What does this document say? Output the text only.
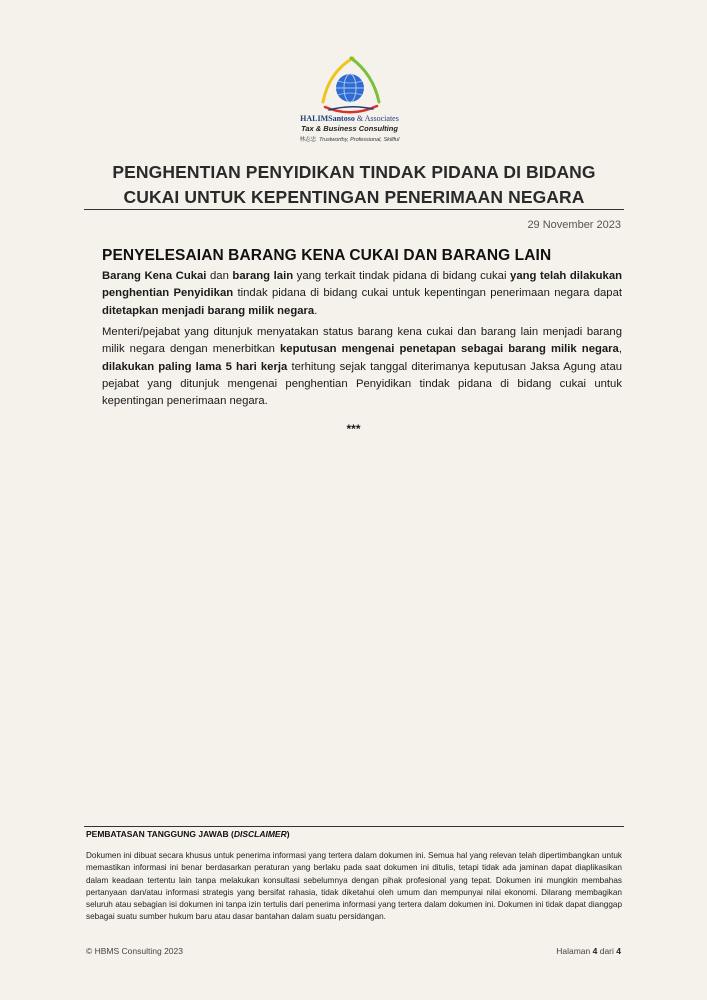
HALIMSantoso & Associates
Tax & Business Consulting
林志忠 Trustworthy, Professional, Skillful
PENGHENTIAN PENYIDIKAN TINDAK PIDANA DI BIDANG
CUKAI UNTUK KEPENTINGAN PENERIMAAN NEGARA
29 November 2023
PENYELESAIAN BARANG KENA CUKAI DAN BARANG LAIN
Barang Kena Cukai dan barang lain yang terkait tindak pidana di bidang cukai yang telah dilakukan penghentian Penyidikan tindak pidana di bidang cukai untuk kepentingan penerimaan negara dapat ditetapkan menjadi barang milik negara.
Menteri/pejabat yang ditunjuk menyatakan status barang kena cukai dan barang lain menjadi barang milik negara dengan menerbitkan keputusan mengenai penetapan sebagai barang milik negara, dilakukan paling lama 5 hari kerja terhitung sejak tanggal diterimanya keputusan Jaksa Agung atau pejabat yang ditunjuk mengenai penghentian Penyidikan tindak pidana di bidang cukai untuk kepentingan penerimaan negara.
***
PEMBATASAN TANGGUNG JAWAB (DISCLAIMER)
Dokumen ini dibuat secara khusus untuk penerima informasi yang tertera dalam dokumen ini. Semua hal yang relevan telah dipertimbangkan untuk memastikan informasi ini benar berdasarkan peraturan yang berlaku pada saat dokumen ini ditulis, tetapi tidak ada jaminan dapat diaplikasikan dalam keadaan tertentu lain tanpa melakukan konsultasi sebelumnya dengan pihak profesional yang tepat. Dokumen ini mungkin membahas pertanyaan dan/atau informasi strategis yang bersifat rahasia, tidak diketahui oleh umum dan mempunyai nilai ekonomi. Dilarang membagikan seluruh atau sebagian isi dokumen ini tanpa izin tertulis dari penerima informasi yang tertera dalam dokumen ini. Dokumen ini tidak dapat dianggap sebagai suatu sumber hukum baru atau dasar bantahan dalam suatu persidangan.
© HBMS Consulting 2023	Halaman 4 dari 4
